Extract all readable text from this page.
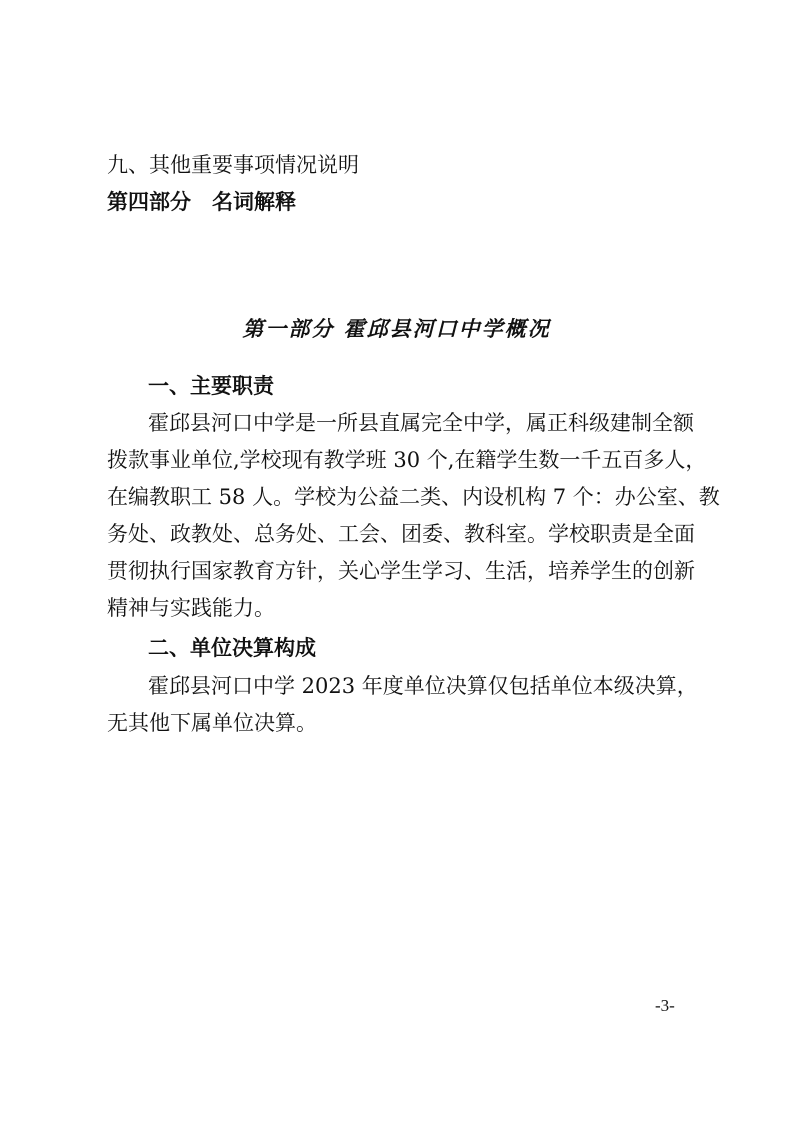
九、其他重要事项情况说明
第四部分　名词解释
第一部分 霍邱县河口中学概况
一、主要职责
霍邱县河口中学是一所县直属完全中学，属正科级建制全额
拨款事业单位,学校现有教学班 30 个,在籍学生数一千五百多人，
在编教职工 58 人。学校为公益二类、内设机构 7 个：办公室、教
务处、政教处、总务处、工会、团委、教科室。学校职责是全面
贯彻执行国家教育方针，关心学生学习、生活，培养学生的创新
精神与实践能力。
二、单位决算构成
霍邱县河口中学 2023 年度单位决算仅包括单位本级决算，
无其他下属单位决算。
-3-
